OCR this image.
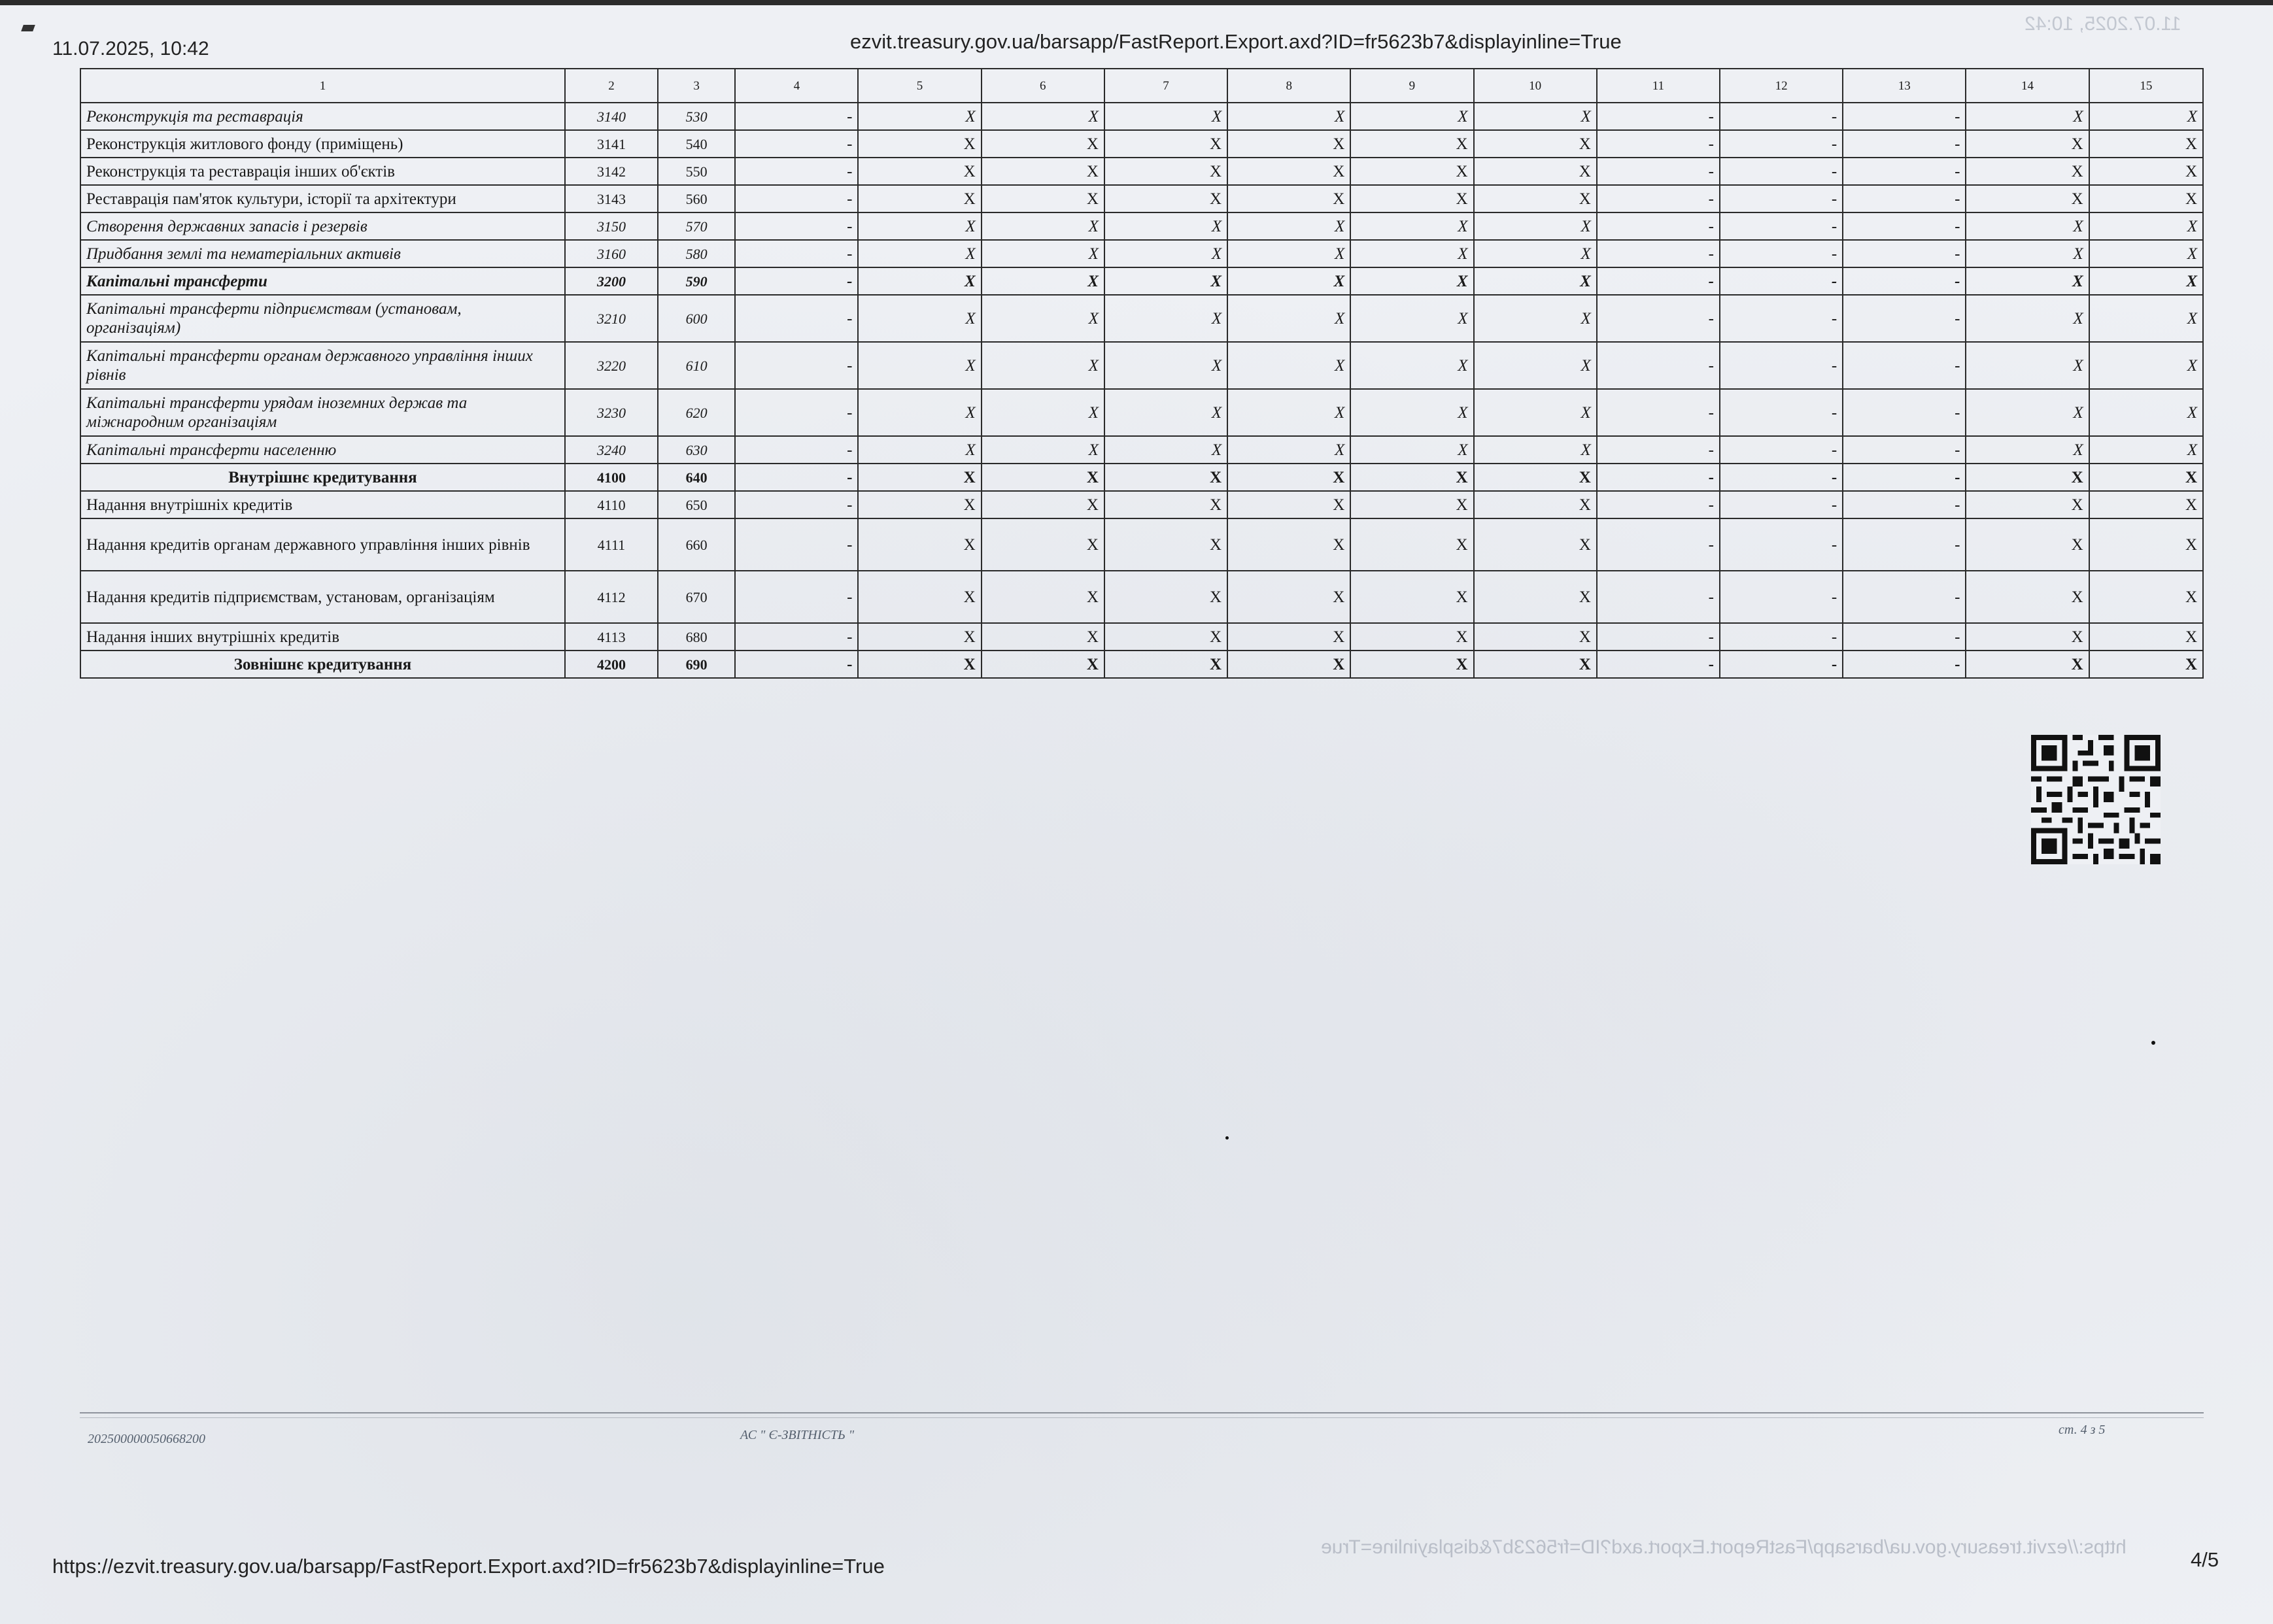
11.07.2025, 10:42
11.07.2025, 10:42	ezvit.treasury.gov.ua/barsapp/FastReport.Export.axd?ID=fr5623b7&displayinline=True
1	2	3	4	5	6	7	8	9	10	11	12	13	14	15
Реконструкція та реставрація	3140	530	-	X	X	X	X	X	X	-	-	-	X	X
Реконструкція житлового фонду (приміщень)	3141	540	-	X	X	X	X	X	X	-	-	-	X	X
Реконструкція та реставрація інших об'єктів	3142	550	-	X	X	X	X	X	X	-	-	-	X	X
Реставрація пам'яток культури, історії та архітектури	3143	560	-	X	X	X	X	X	X	-	-	-	X	X
Створення державних запасів і резервів	3150	570	-	X	X	X	X	X	X	-	-	-	X	X
Придбання землі та нематеріальних активів	3160	580	-	X	X	X	X	X	X	-	-	-	X	X
Капітальні трансферти	3200	590	-	X	X	X	X	X	X	-	-	-	X	X
Капітальні трансферти підприємствам (установам, організаціям)	3210	600	-	X	X	X	X	X	X	-	-	-	X	X
Капітальні трансферти органам державного управління інших рівнів	3220	610	-	X	X	X	X	X	X	-	-	-	X	X
Капітальні трансферти урядам іноземних держав та міжнародним організаціям	3230	620	-	X	X	X	X	X	X	-	-	-	X	X
Капітальні трансферти населенню	3240	630	-	X	X	X	X	X	X	-	-	-	X	X
Внутрішнє кредитування	4100	640	-	X	X	X	X	X	X	-	-	-	X	X
Надання внутрішніх кредитів	4110	650	-	X	X	X	X	X	X	-	-	-	X	X
Надання кредитів органам державного управління інших рівнів	4111	660	-	X	X	X	X	X	X	-	-	-	X	X
Надання кредитів підприємствам, установам, організаціям	4112	670	-	X	X	X	X	X	X	-	-	-	X	X
Надання інших внутрішніх кредитів	4113	680	-	X	X	X	X	X	X	-	-	-	X	X
Зовнішнє кредитування	4200	690	-	X	X	X	X	X	X	-	-	-	X	X
202500000050668200	АС " Є-ЗВІТНІСТЬ "	ст. 4 з 5
https://ezvit.treasury.gov.ua/barsapp/FastReport.Export.axd?ID=fr5623b7&displayinline=True
https://ezvit.treasury.gov.ua/barsapp/FastReport.Export.axd?ID=fr5623b7&displayinline=True	4/5
